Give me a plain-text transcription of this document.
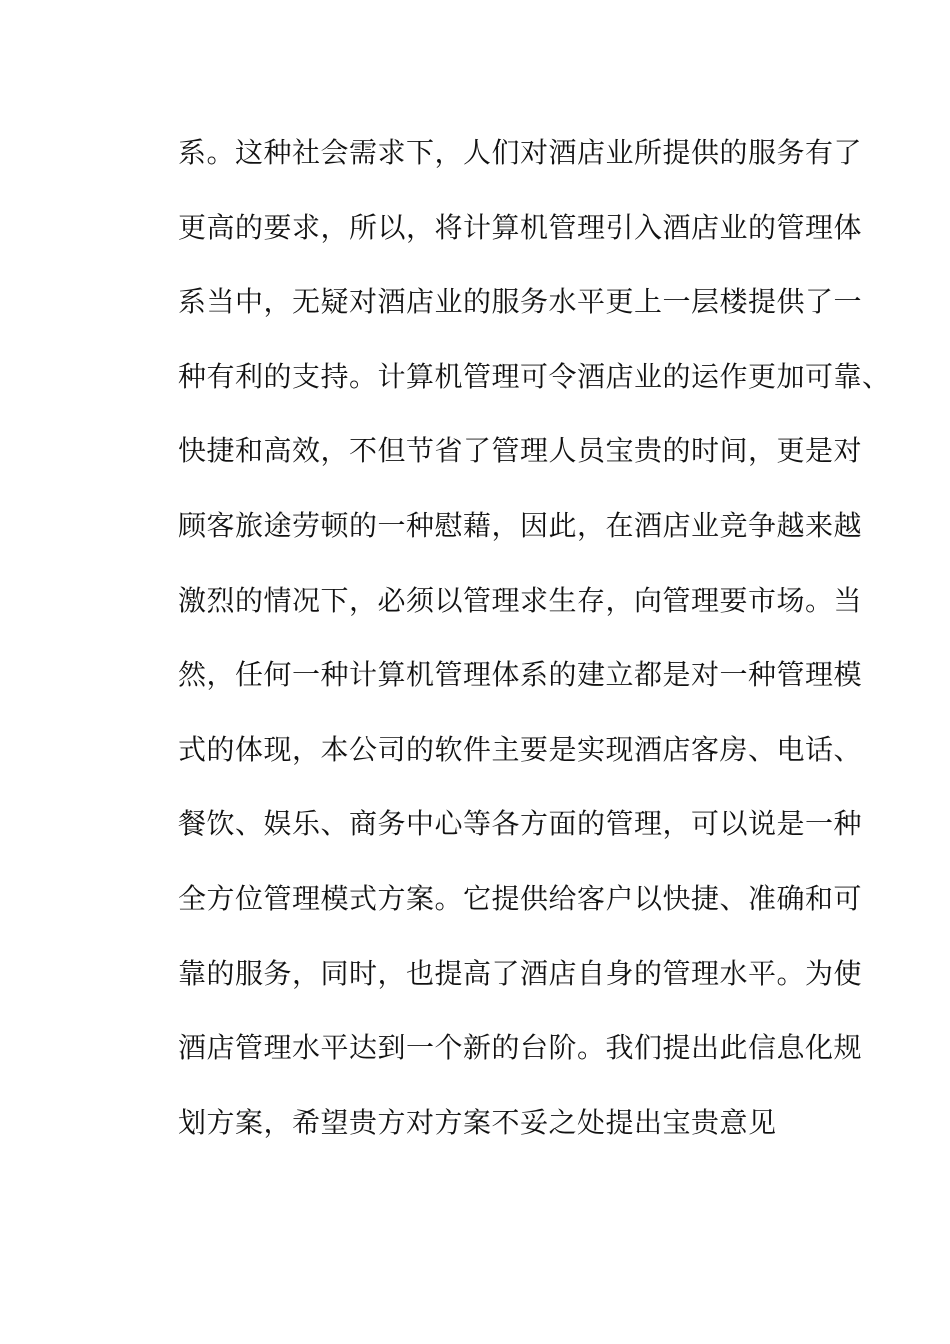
系。这种社会需求下，人们对酒店业所提供的服务有了
更高的要求，所以，将计算机管理引入酒店业的管理体
系当中，无疑对酒店业的服务水平更上一层楼提供了一
种有利的支持。计算机管理可令酒店业的运作更加可靠、
快捷和高效，不但节省了管理人员宝贵的时间，更是对
顾客旅途劳顿的一种慰藉，因此，在酒店业竞争越来越
激烈的情况下，必须以管理求生存，向管理要市场。当
然，任何一种计算机管理体系的建立都是对一种管理模
式的体现，本公司的软件主要是实现酒店客房、电话、
餐饮、娱乐、商务中心等各方面的管理，可以说是一种
全方位管理模式方案。它提供给客户以快捷、准确和可
靠的服务，同时，也提高了酒店自身的管理水平。为使
酒店管理水平达到一个新的台阶。我们提出此信息化规
划方案，希望贵方对方案不妥之处提出宝贵意见
